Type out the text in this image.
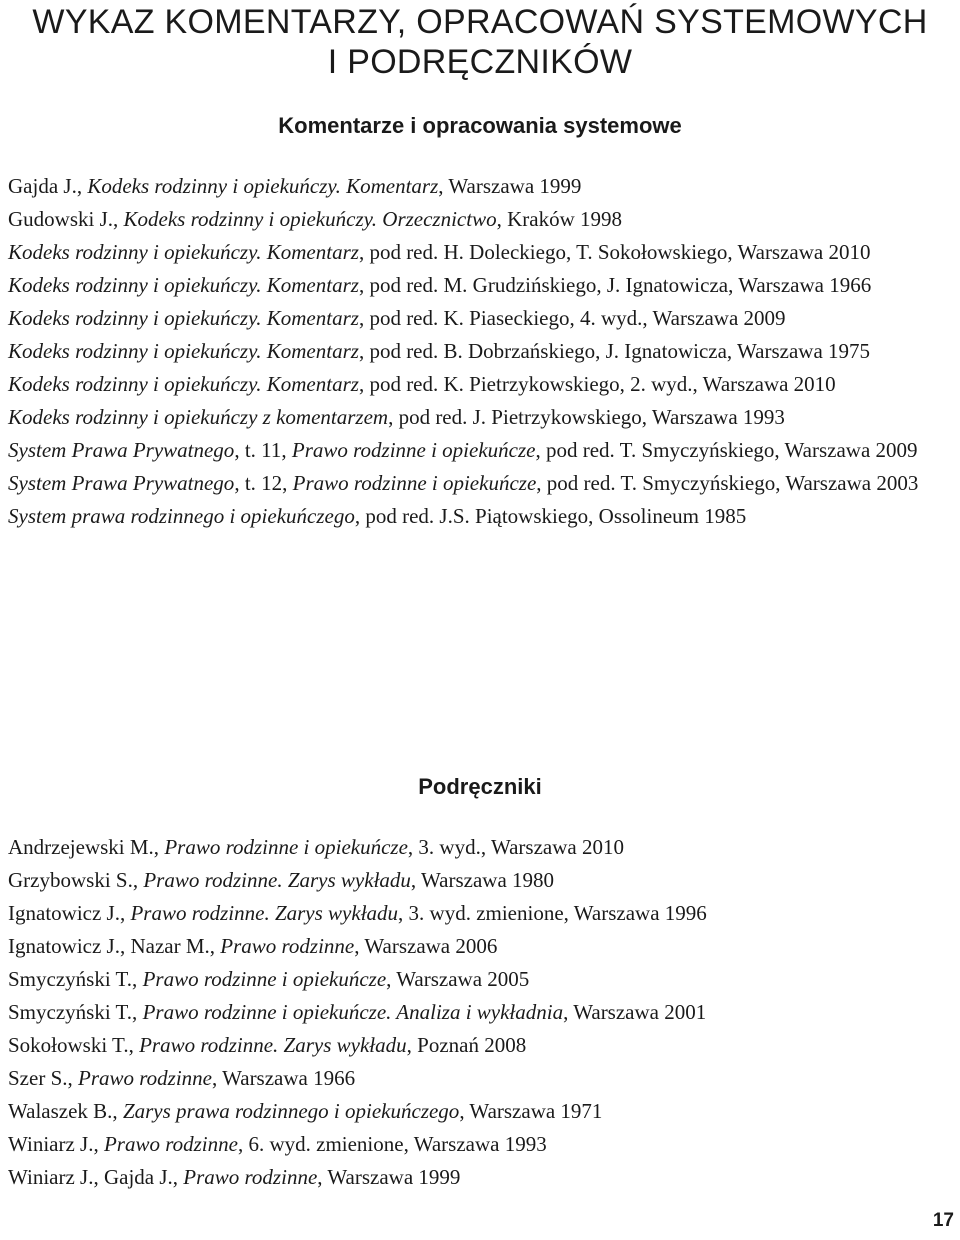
WYKAZ KOMENTARZY, OPRACOWAŃ SYSTEMOWYCH
I PODRĘCZNIKÓW
Komentarze i opracowania systemowe
Gajda J., Kodeks rodzinny i opiekuńczy. Komentarz, Warszawa 1999
Gudowski J., Kodeks rodzinny i opiekuńczy. Orzecznictwo, Kraków 1998
Kodeks rodzinny i opiekuńczy. Komentarz, pod red. H. Doleckiego, T. Sokołowskiego, Warszawa 2010
Kodeks rodzinny i opiekuńczy. Komentarz, pod red. M. Grudzińskiego, J. Ignatowicza, Warszawa 1966
Kodeks rodzinny i opiekuńczy. Komentarz, pod red. K. Piaseckiego, 4. wyd., Warszawa 2009
Kodeks rodzinny i opiekuńczy. Komentarz, pod red. B. Dobrzańskiego, J. Ignatowicza, Warszawa 1975
Kodeks rodzinny i opiekuńczy. Komentarz, pod red. K. Pietrzykowskiego, 2. wyd., Warszawa 2010
Kodeks rodzinny i opiekuńczy z komentarzem, pod red. J. Pietrzykowskiego, Warszawa 1993
System Prawa Prywatnego, t. 11, Prawo rodzinne i opiekuńcze, pod red. T. Smyczyńskiego, Warszawa 2009
System Prawa Prywatnego, t. 12, Prawo rodzinne i opiekuńcze, pod red. T. Smyczyńskiego, Warszawa 2003
System prawa rodzinnego i opiekuńczego, pod red. J.S. Piątowskiego, Ossolineum 1985
Podręczniki
Andrzejewski M., Prawo rodzinne i opiekuńcze, 3. wyd., Warszawa 2010
Grzybowski S., Prawo rodzinne. Zarys wykładu, Warszawa 1980
Ignatowicz J., Prawo rodzinne. Zarys wykładu, 3. wyd. zmienione, Warszawa 1996
Ignatowicz J., Nazar M., Prawo rodzinne, Warszawa 2006
Smyczyński T., Prawo rodzinne i opiekuńcze, Warszawa 2005
Smyczyński T., Prawo rodzinne i opiekuńcze. Analiza i wykładnia, Warszawa 2001
Sokołowski T., Prawo rodzinne. Zarys wykładu, Poznań 2008
Szer S., Prawo rodzinne, Warszawa 1966
Walaszek B., Zarys prawa rodzinnego i opiekuńczego, Warszawa 1971
Winiarz J., Prawo rodzinne, 6. wyd. zmienione, Warszawa 1993
Winiarz J., Gajda J., Prawo rodzinne, Warszawa 1999
17
